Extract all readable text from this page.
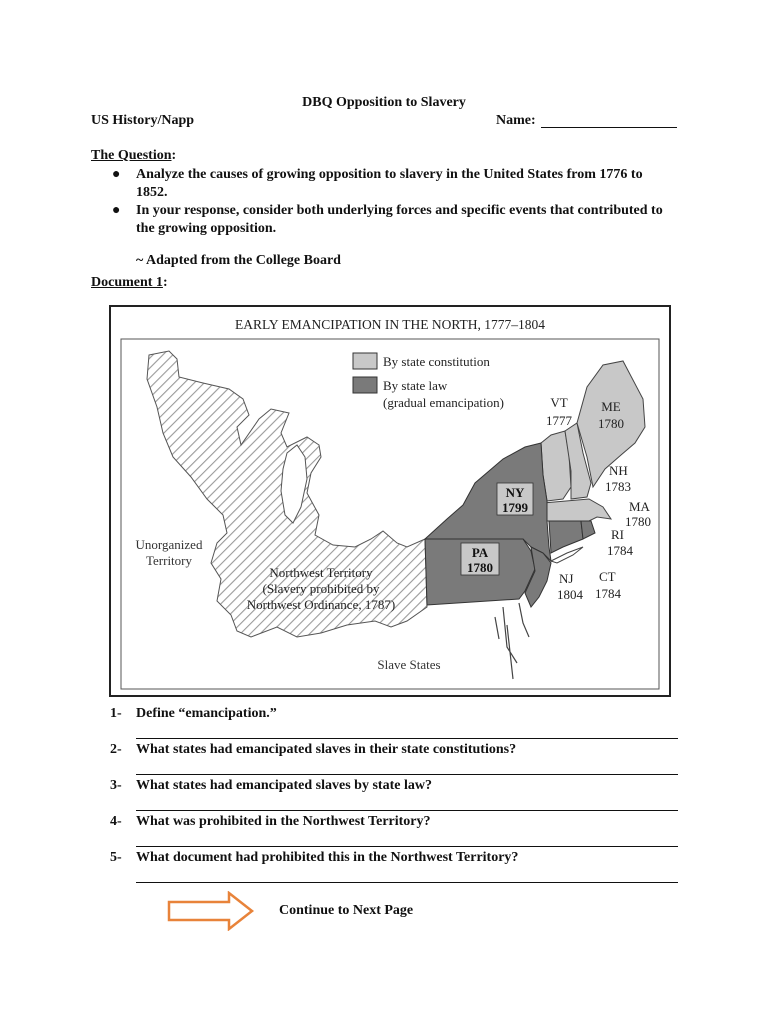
DBQ Opposition to Slavery
US History/Napp	Name:
The Question:

● Analyze the causes of growing opposition to slavery in the United States from 1776 to 1852.

● In your response, consider both underlying forces and specific events that contributed to the growing opposition.

~ Adapted from the College Board

Document 1:
EARLY EMANCIPATION IN THE NORTH, 1777–1804
By state constitution
By state law
(gradual emancipation)
Unorganized
Territory
Northwest Territory
(Slavery prohibited by
Northwest Ordinance, 1787)
Slave States
VT
1777
ME
1780
NH
1783
MA
1780
RI
1784
CT
1784
NJ
1804
NY
1799
PA
1780
1- Define “emancipation.”
2- What states had emancipated slaves in their state constitutions?
3- What states had emancipated slaves by state law?
4- What was prohibited in the Northwest Territory?
5- What document had prohibited this in the Northwest Territory?
Continue to Next Page
